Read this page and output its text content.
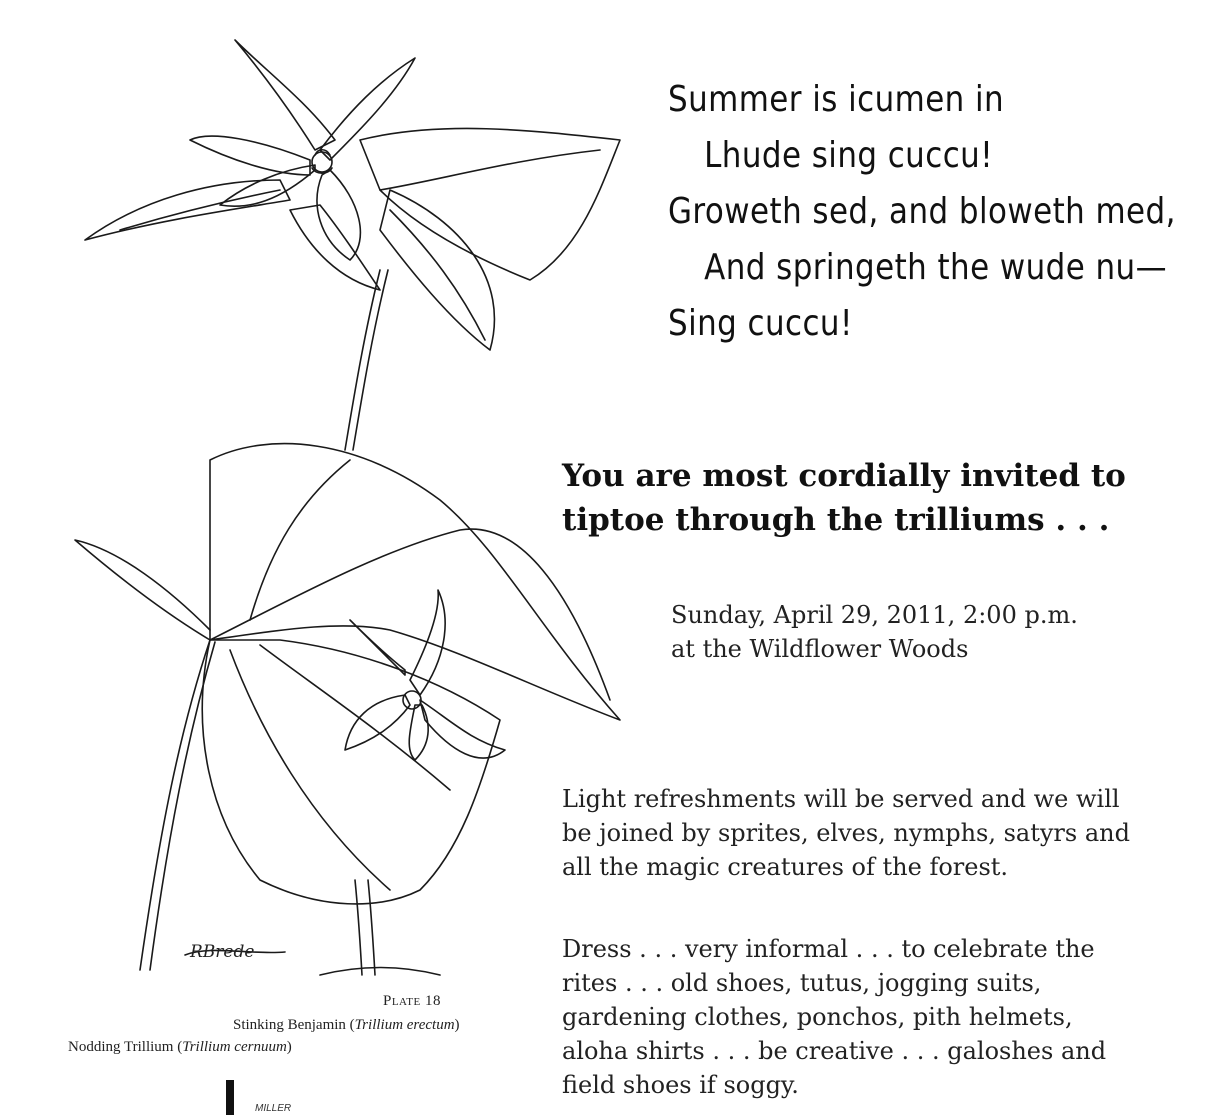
RBrede
Plate 18
Stinking Benjamin (Trillium erectum)
Nodding Trillium (Trillium cernuum)
MILLER
Summer is icumen in
Lhude sing cuccu!
Groweth sed, and bloweth med,
And springeth the wude nu—
Sing cuccu!
You are most cordially invited to
tiptoe through the trilliums . . .
Sunday, April 29, 2011, 2:00 p.m.
at the Wildflower Woods
Light refreshments will be served and we will
be joined by sprites, elves, nymphs, satyrs and
all the magic creatures of the forest.
Dress . . . very informal . . . to celebrate the
rites . . . old shoes, tutus, jogging suits,
gardening clothes, ponchos, pith helmets,
aloha shirts . . . be creative . . . galoshes and
field shoes if soggy.
